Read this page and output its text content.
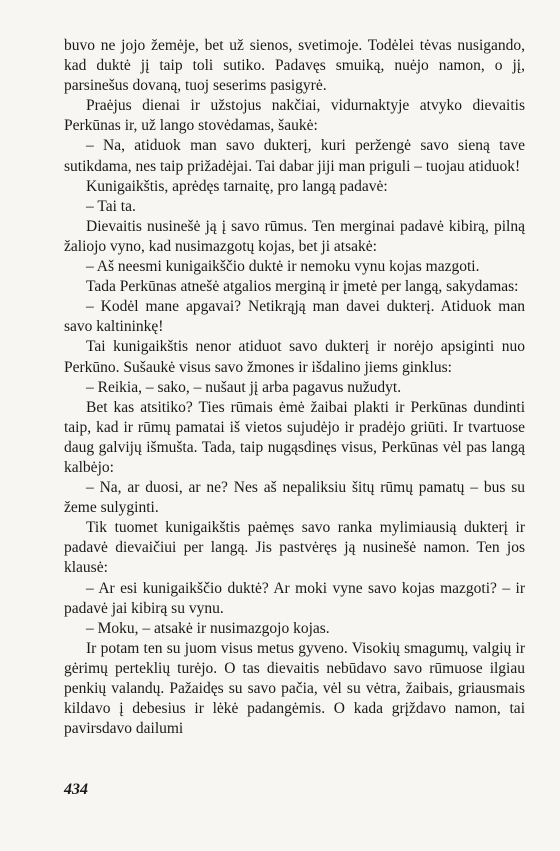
buvo ne jojo žemėje, bet už sienos, svetimoje. Todėlei tėvas nusigando, kad duktė jį taip toli sutiko. Padavęs smuiką, nuėjo namon, o jį, parsinešus dovaną, tuoj seserims pasigyrė.

Praėjus dienai ir užstojus nakčiai, vidurnaktyje atvyko dievaitis Perkūnas ir, už lango stovėdamas, šaukė:

– Na, atiduok man savo dukterį, kuri peržengė savo sieną tave sutikdama, nes taip prižadėjai. Tai dabar jiji man priguli – tuojau atiduok!

Kunigaikštis, aprėdęs tarnaitę, pro langą padavė:

– Tai ta.

Dievaitis nusinešė ją į savo rūmus. Ten merginai padavė kibirą, pilną žaliojo vyno, kad nusimazgotų kojas, bet ji atsakė:

– Aš neesmi kunigaikščio duktė ir nemoku vynu kojas mazgoti.

Tada Perkūnas atnešė atgalios merginą ir įmetė per langą, sakydamas:

– Kodėl mane apgavai? Netikrąją man davei dukterį. Atiduok man savo kaltininkę!

Tai kunigaikštis nenor atiduot savo dukterį ir norėjo apsiginti nuo Perkūno. Sušaukė visus savo žmones ir išdalino jiems ginklus:

– Reikia, – sako, – nušaut jį arba pagavus nužudyt.

Bet kas atsitiko? Ties rūmais ėmė žaibai plakti ir Perkūnas dundinti taip, kad ir rūmų pamatai iš vietos sujudėjo ir pradėjo griūti. Ir tvartuose daug galvijų išmušta. Tada, taip nugąsdinęs visus, Perkūnas vėl pas langą kalbėjo:

– Na, ar duosi, ar ne? Nes aš nepaliksiu šitų rūmų pamatų – bus su žeme sulyginti.

Tik tuomet kunigaikštis paėmęs savo ranka mylimiausią dukterį ir padavė dievaičiui per langą. Jis pastvėręs ją nusinešė namon. Ten jos klausė:

– Ar esi kunigaikščio duktė? Ar moki vyne savo kojas mazgoti? – ir padavė jai kibirą su vynu.

– Moku, – atsakė ir nusimazgojo kojas.

Ir potam ten su juom visus metus gyveno. Visokių smagumų, valgių ir gėrimų perteklių turėjo. O tas dievaitis nebūdavo savo rūmuose ilgiau penkių valandų. Pažaidęs su savo pačia, vėl su vėtra, žaibais, griausmais kildavo į debesius ir lėkė padangėmis. O kada grįždavo namon, tai pavirsdavo dailumi

434
